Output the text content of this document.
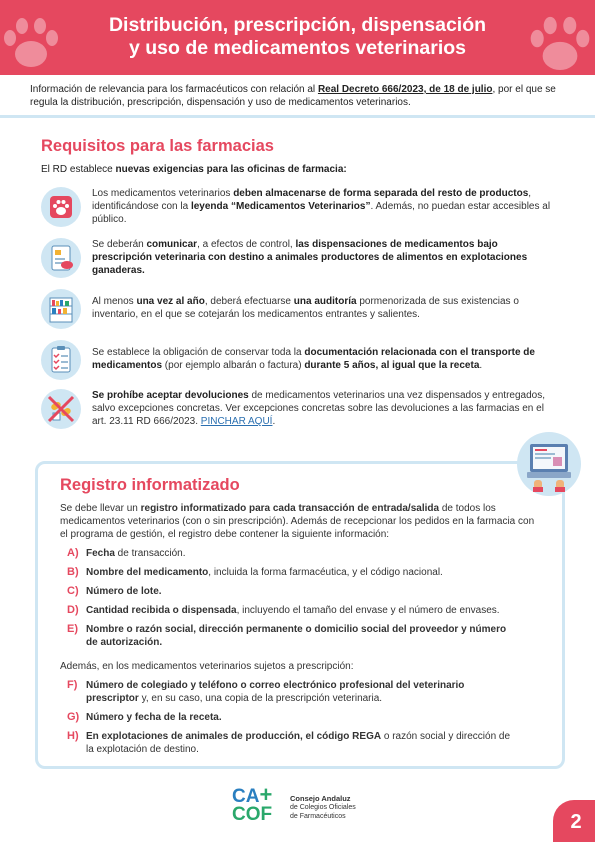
Distribución, prescripción, dispensación
y uso de medicamentos veterinarios
Información de relevancia para los farmacéuticos con relación al Real Decreto 666/2023, de 18 de julio, por el que se regula la distribución, prescripción, dispensación y uso de medicamentos veterinarios.
Requisitos para las farmacias
El RD establece nuevas exigencias para las oficinas de farmacia:
Los medicamentos veterinarios deben almacenarse de forma separada del resto de productos, identificándose con la leyenda “Medicamentos Veterinarios”. Además, no puedan estar accesibles al público.
Se deberán comunicar, a efectos de control, las dispensaciones de medicamentos bajo prescripción veterinaria con destino a animales productores de alimentos en explotaciones ganaderas.
Al menos una vez al año, deberá efectuarse una auditoría pormenorizada de sus existencias o inventario, en el que se cotejarán los medicamentos entrantes y salientes.
Se establece la obligación de conservar toda la documentación relacionada con el transporte de medicamentos (por ejemplo albarán o factura) durante 5 años, al igual que la receta.
Se prohíbe aceptar devoluciones de medicamentos veterinarios una vez dispensados y entregados, salvo excepciones concretas. Ver excepciones concretas sobre las devoluciones a las farmacias en el art. 23.11 RD 666/2023. PINCHAR AQUÍ.
Registro informatizado
Se debe llevar un registro informatizado para cada transacción de entrada/salida de todos los medicamentos veterinarios (con o sin prescripción). Además de recepcionar los pedidos en la farmacia con el programa de gestión, el registro debe contener la siguiente información:
A) Fecha de transacción.
B) Nombre del medicamento, incluida la forma farmacéutica, y el código nacional.
C) Número de lote.
D) Cantidad recibida o dispensada, incluyendo el tamaño del envase y el número de envases.
E) Nombre o razón social, dirección permanente o domicilio social del proveedor y número de autorización.
Además, en los medicamentos veterinarios sujetos a prescripción:
F) Número de colegiado y teléfono o correo electrónico profesional del veterinario prescriptor y, en su caso, una copia de la prescripción veterinaria.
G) Número y fecha de la receta.
H) En explotaciones de animales de producción, el código REGA o razón social y dirección de la explotación de destino.
CA+
COF
Consejo Andaluz
de Colegios Oficiales
de Farmacéuticos	2
